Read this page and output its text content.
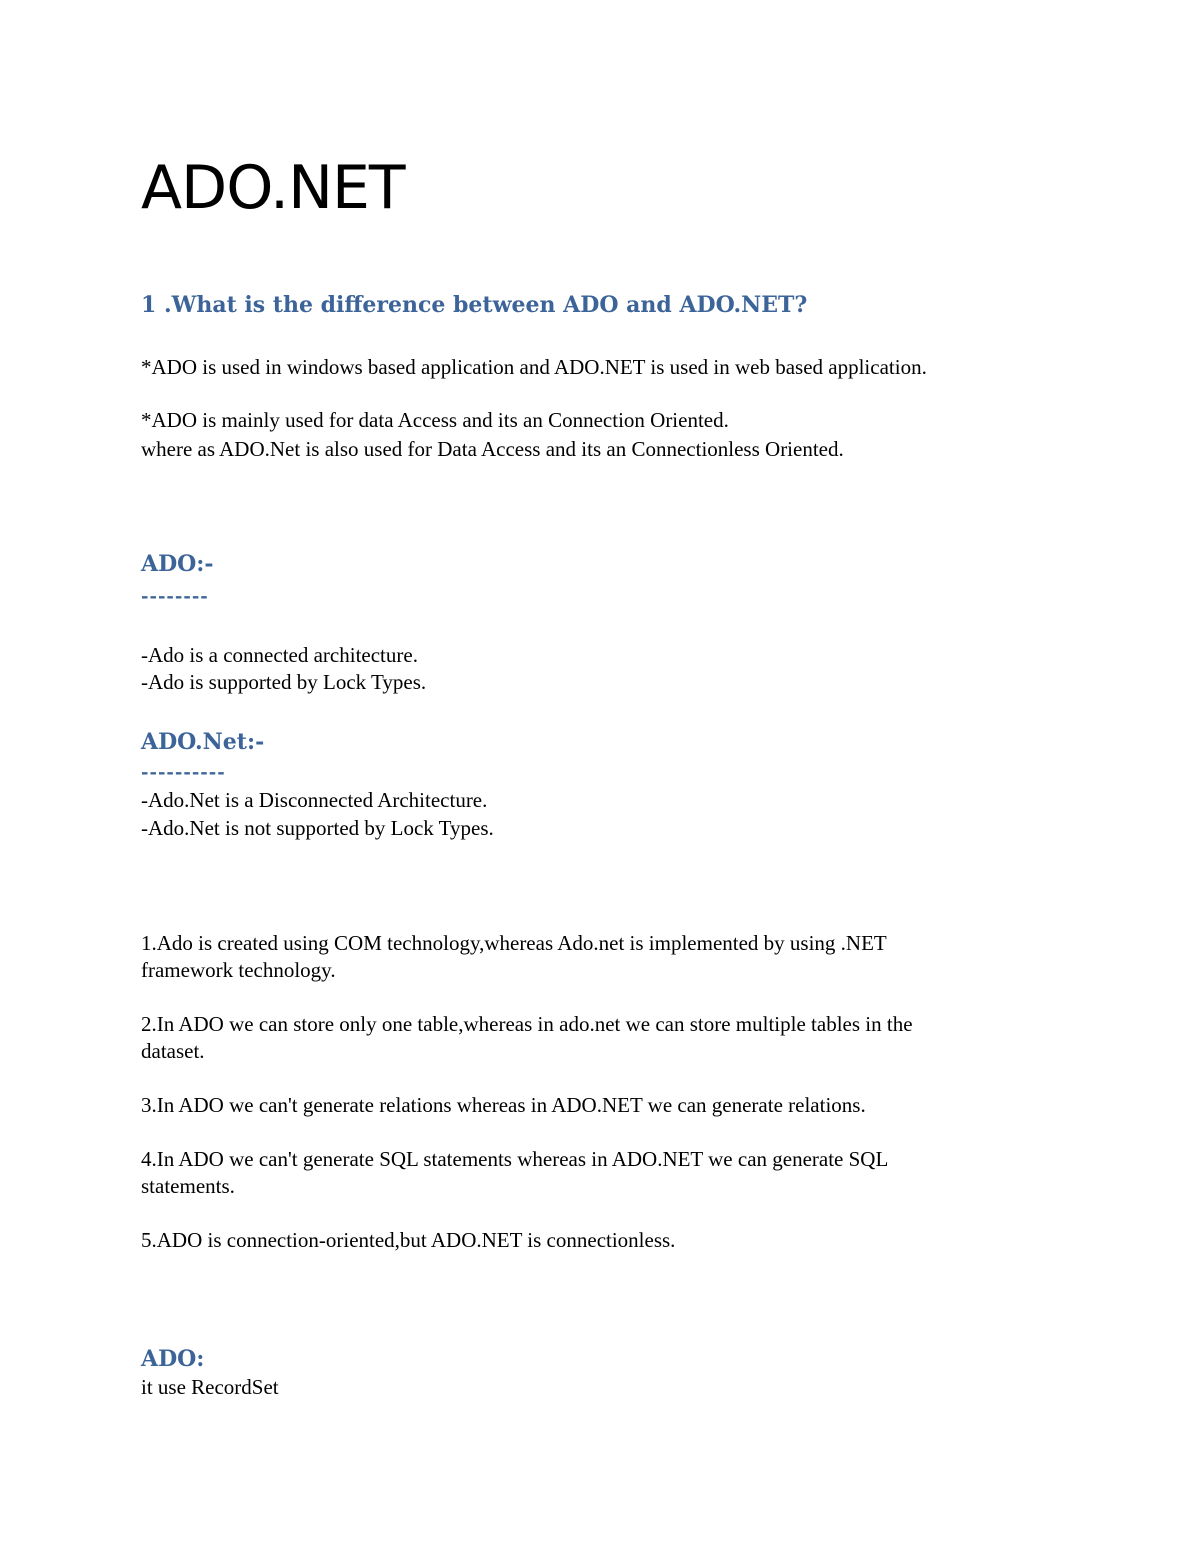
ADO.NET
1 .What is the difference between ADO and ADO.NET?
*ADO is used in windows based application and ADO.NET is used in web based application.
*ADO is mainly used for data Access and its an Connection Oriented.
where as ADO.Net is also used for Data Access and its an Connectionless Oriented.
ADO:-
--------
-Ado is a connected architecture.
-Ado is supported by Lock Types.
ADO.Net:-
----------
-Ado.Net is a Disconnected Architecture.
-Ado.Net is not supported by Lock Types.
1.Ado is created using COM technology,whereas Ado.net is implemented by using .NET
framework technology.
2.In ADO we can store only one table,whereas in ado.net we can store multiple tables in the
dataset.
3.In ADO we can't generate relations whereas in ADO.NET we can generate relations.
4.In ADO we can't generate SQL statements whereas in ADO.NET we can generate SQL
statements.
5.ADO is connection-oriented,but ADO.NET is connectionless.
ADO:
it use RecordSet
